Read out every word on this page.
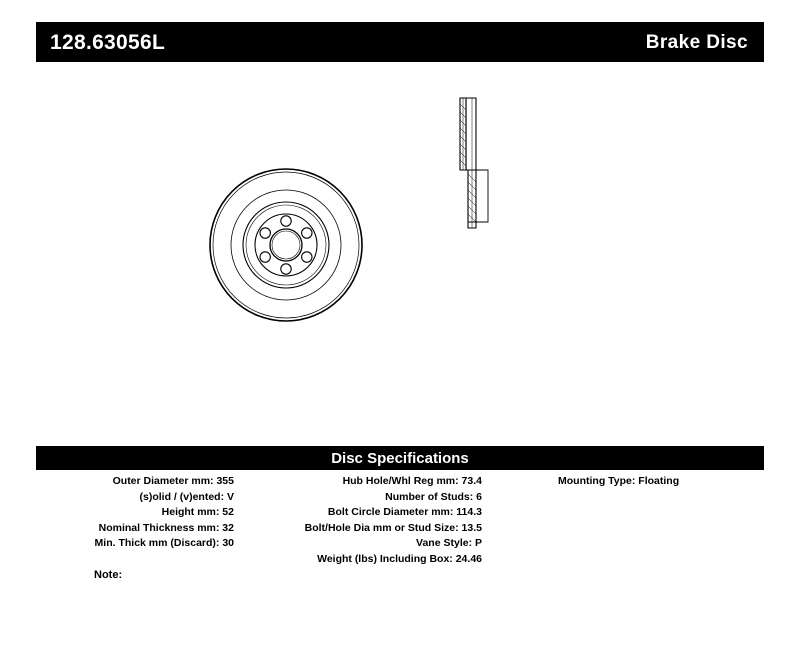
128.63056L	Brake Disc
Disc Specifications
Outer Diameter mm: 355
(s)olid / (v)ented: V
Height mm: 52
Nominal Thickness mm: 32
Min. Thick mm (Discard): 30
Hub Hole/Whl Reg mm: 73.4
Number of Studs: 6
Bolt Circle Diameter mm: 114.3
Bolt/Hole Dia mm or Stud Size: 13.5
Vane Style: P
Weight (lbs) Including Box: 24.46
Mounting Type: Floating
Note:
